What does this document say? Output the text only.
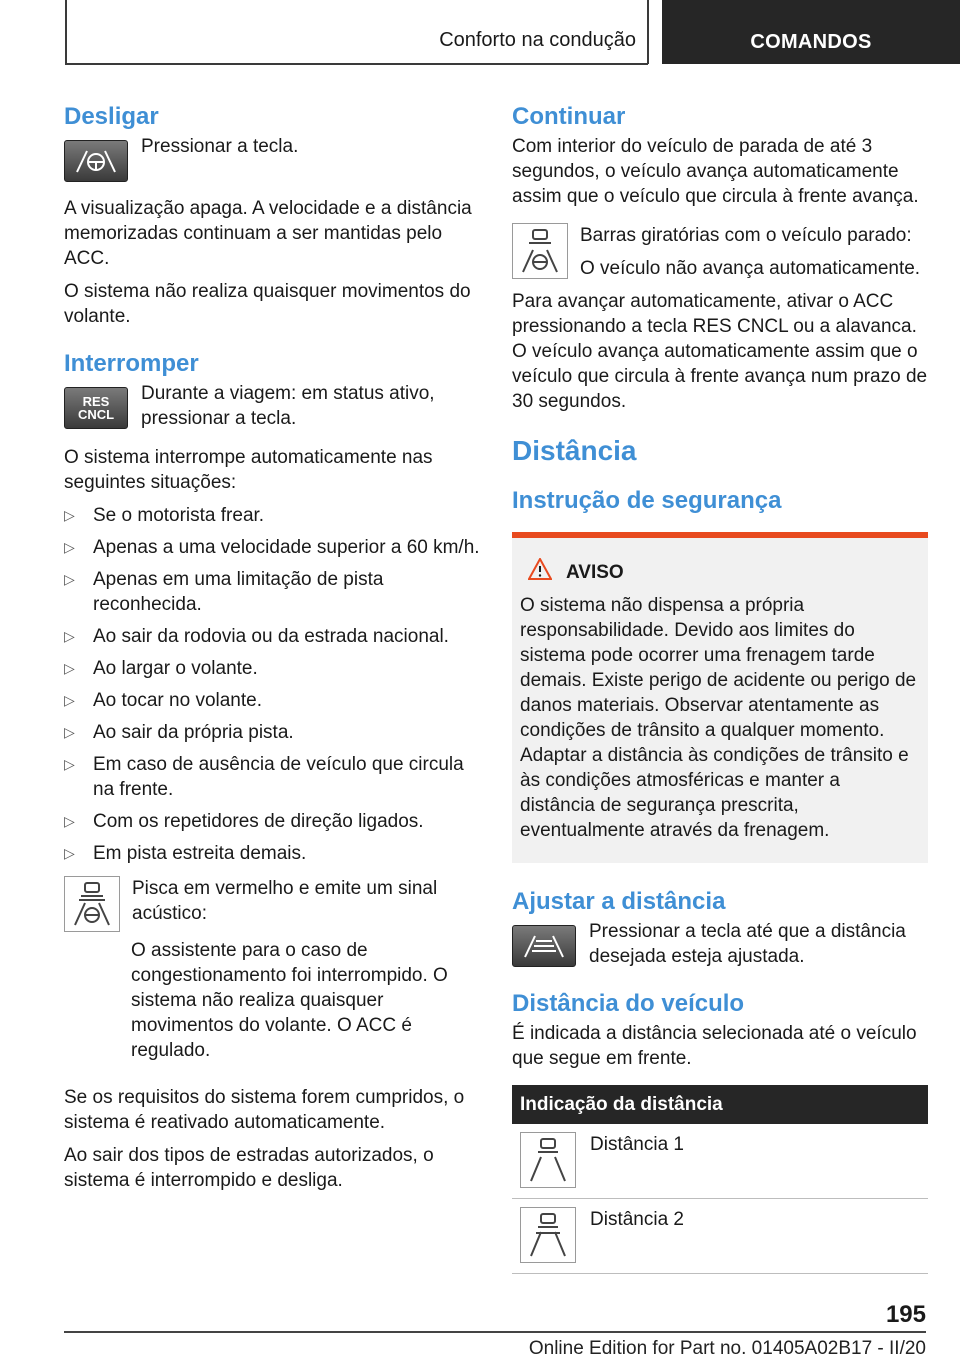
Conforto na condução	COMANDOS
Desligar

Pressionar a tecla.

A visualização apaga. A velocidade e a distância memorizadas continuam a ser mantidas pelo ACC.

O sistema não realiza quaisquer movimentos do volante.

Interromper
RES
CNCL

Durante a viagem: em status ativo, pressionar a tecla.

O sistema interrompe automaticamente nas seguintes situações:

▷ Se o motorista frear.
▷ Apenas a uma velocidade superior a 60 km/h.
▷ Apenas em uma limitação de pista reconhecida.
▷ Ao sair da rodovia ou da estrada nacional.
▷ Ao largar o volante.
▷ Ao tocar no volante.
▷ Ao sair da própria pista.
▷ Em caso de ausência de veículo que circula na frente.
▷ Com os repetidores de direção ligados.
▷ Em pista estreita demais.

Pisca em vermelho e emite um sinal acústico:

O assistente para o caso de congestionamento foi interrompido. O sistema não realiza quaisquer movimentos do volante. O ACC é regulado.

Se os requisitos do sistema forem cumpridos, o sistema é reativado automaticamente.

Ao sair dos tipos de estradas autorizados, o sistema é interrompido e desliga.

Continuar

Com interior do veículo de parada de até 3 segundos, o veículo avança automaticamente assim que o veículo que circula à frente avança.

Barras giratórias com o veículo parado:

O veículo não avança automaticamente.

Para avançar automaticamente, ativar o ACC pressionando a tecla RES CNCL ou a alavanca. O veículo avança automaticamente assim que o veículo que circula à frente avança num prazo de 30 segundos.

Distância
Instrução de segurança
AVISO

O sistema não dispensa a própria responsabilidade. Devido aos limites do sistema pode ocorrer uma frenagem tarde demais. Existe perigo de acidente ou perigo de danos materiais. Observar atentamente as condições de trânsito a qualquer momento. Adaptar a distância às condições de trânsito e às condições atmosféricas e manter a distância de segurança prescrita, eventualmente através da frenagem.

Ajustar a distância

Pressionar a tecla até que a distância desejada esteja ajustada.

Distância do veículo

É indicada a distância selecionada até o veículo que segue em frente.

Indicação da distância

Distância 1

Distância 2
195
Online Edition for Part no. 01405A02B17 - II/20
